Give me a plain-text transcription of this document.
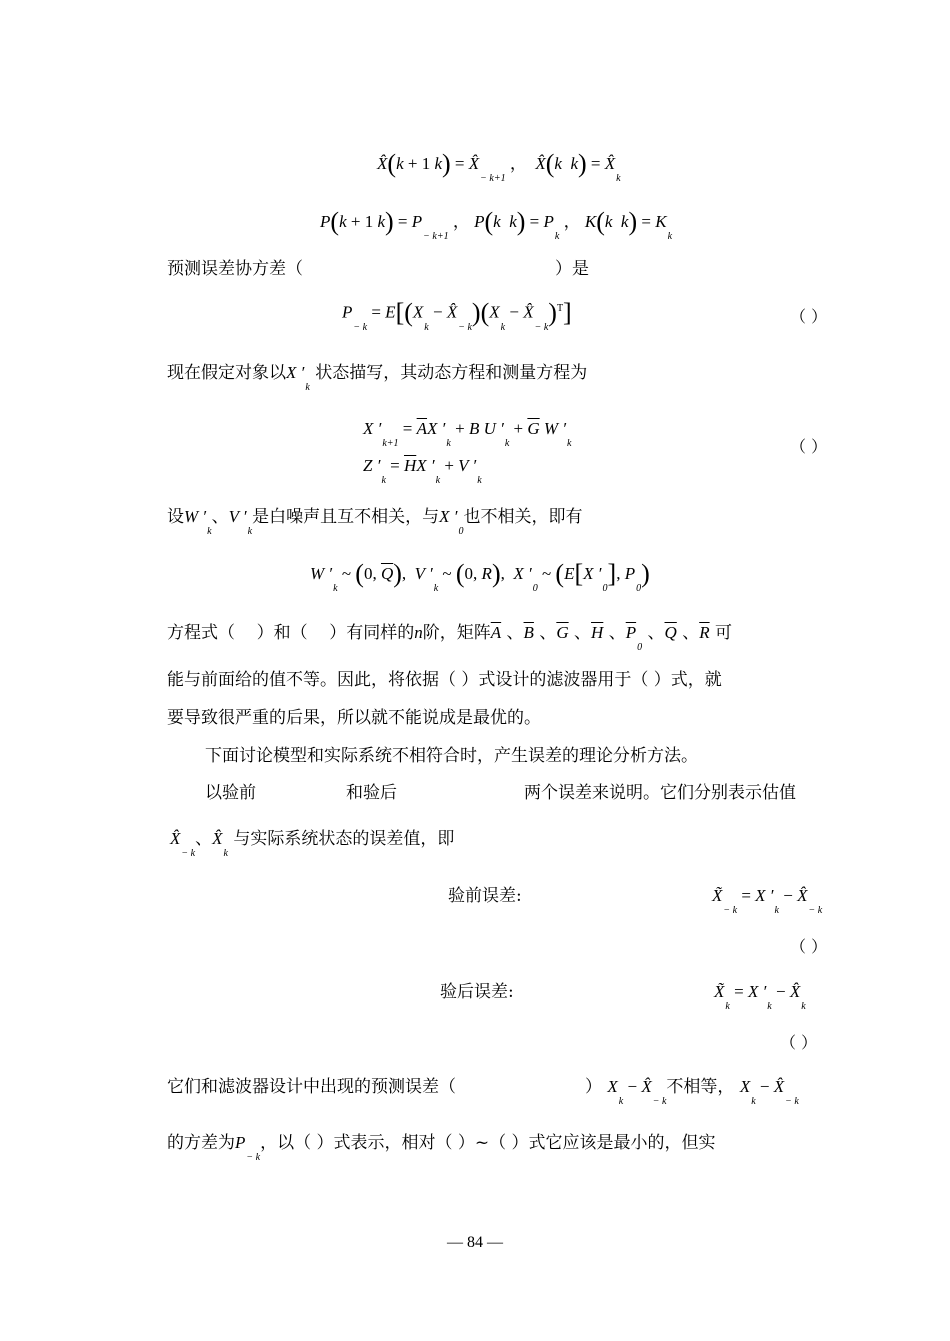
X̂(k + 1 $k) = X̂_{- k+1}$ ，  X̂(k  $k) = X̂_k$
P(k + 1 $k) = P_{- k+1}$ ， P(k  $k) = P_k$ ， K(k  $k) = K_k$
预测误差协方差（	）是
$P_{- k} = E[(X_k$ − $X̂_{- k})(X_k$ − $X̂_{- k})^T$]	（ ）
现在假定对象以X $'_k$ 状态描写，其动态方程和测量方程为
X $'_{k+1} = \overline{A}X$ $'_k + B$ U $'_k + \overline{G}$ W $'_k$
Z $'_k = \overline{H}X$ $'_k + V$ $'_k$
（ ）
设W $'_k$、V $'_k$是白噪声且互不相关，与X $'_0$也不相关，即有
W $'_k$ ~ (0, $\overline{Q}$),  V $'_k$ ~ (0, R),  X $'_0$ ~ (E[X $'_0$], $P_0$)
方程式（ ）和（ ）有同样的n阶，矩阵$\overline{A}$ 、$\overline{B}$ 、$\overline{G}$ 、$\overline{H}$ 、$\overline{P}_0$ 、$\overline{Q}$ 、$\overline{R}$ 可
能与前面给的值不等。因此，将依据（ ）式设计的滤波器用于（ ）式，就
要导致很严重的后果，所以就不能说成是最优的。
下面讨论模型和实际系统不相符合时，产生误差的理论分析方法。
以验前	和验后	两个误差来说明。它们分别表示估值
$X̂_{- k}$、$X̂_k$ 与实际系统状态的误差值，即
验前误差:	$X̃_{- k} = X$ $'_k$ − $X̂_{- k}$
（ ）
验后误差:	$X̃_k = X$ $'_k$ − $X̂_k$
（ ）
它们和滤波器设计中出现的预测误差（	） $X_k$ − $X̂_{- k}$不相等， $X_k$ − $X̂_{- k}$
的方差为$P_{- k}$，以（ ）式表示，相对（ ）~（ ）式它应该是最小的，但实
— 84 —
